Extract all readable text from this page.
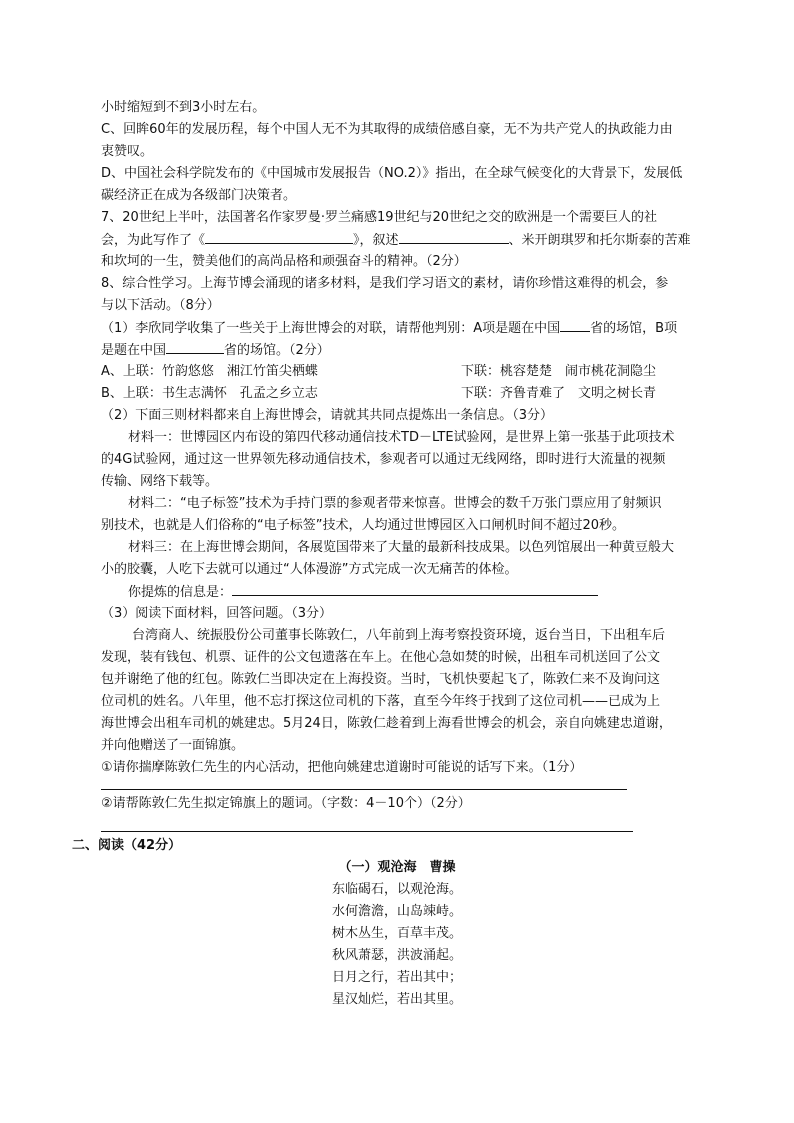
小时缩短到不到3小时左右。
C、回眸60年的发展历程，每个中国人无不为其取得的成绩倍感自豪，无不为共产党人的执政能力由
衷赞叹。
D、中国社会科学院发布的《中国城市发展报告（NO.2）》指出，在全球气候变化的大背景下，发展低
碳经济正在成为各级部门决策者。
7、20世纪上半叶，法国著名作家罗曼·罗兰痛感19世纪与20世纪之交的欧洲是一个需要巨人的社
会，为此写作了《	》，叙述	、米开朗琪罗和托尔斯泰的苦难
和坎坷的一生，赞美他们的高尚品格和顽强奋斗的精神。（2分）
8、综合性学习。上海节博会涌现的诸多材料，是我们学习语文的素材，请你珍惜这难得的机会，参
与以下活动。（8分）
（1）李欣同学收集了一些关于上海世博会的对联，请帮他判别：A项是题在中国 省的场馆，B项
是题在中国	省的场馆。（2分）
A、上联：竹韵悠悠　湘江竹笛尖栖蝶	下联：桃容楚楚　闹市桃花洞隐尘
B、上联：书生志满怀　孔孟之乡立志	下联：齐鲁青难了　文明之树长青
（2）下面三则材料都来自上海世博会，请就其共同点提炼出一条信息。（3分）
材料一：世博园区内布设的第四代移动通信技术TD－LTE试验网，是世界上第一张基于此项技术
的4G试验网，通过这一世界领先移动通信技术，参观者可以通过无线网络，即时进行大流量的视频
传输、网络下载等。
材料二：“电子标签”技术为手持门票的参观者带来惊喜。世博会的数千万张门票应用了射频识
别技术，也就是人们俗称的“电子标签”技术，人均通过世博园区入口闸机时间不超过20秒。
材料三：在上海世博会期间，各展览国带来了大量的最新科技成果。以色列馆展出一种黄豆般大
小的胶囊，人吃下去就可以通过“人体漫游”方式完成一次无痛苦的体检。
你提炼的信息是：
（3）阅读下面材料，回答问题。（3分）
台湾商人、统振股份公司董事长陈敦仁，八年前到上海考察投资环境，返台当日，下出租车后
发现，装有钱包、机票、证件的公文包遗落在车上。在他心急如焚的时候，出租车司机送回了公文
包并谢绝了他的红包。陈敦仁当即决定在上海投资。当时，飞机快要起飞了，陈敦仁来不及询问这
位司机的姓名。八年里，他不忘打探这位司机的下落，直至今年终于找到了这位司机——已成为上
海世博会出租车司机的姚建忠。5月24日，陈敦仁趁着到上海看世博会的机会，亲自向姚建忠道谢，
并向他赠送了一面锦旗。
①请你揣摩陈敦仁先生的内心活动，把他向姚建忠道谢时可能说的话写下来。（1分）
②请帮陈敦仁先生拟定锦旗上的题词。（字数：4－10个）（2分）
二、阅读（42分）
（一）观沧海　曹操
东临碣石，以观沧海。
水何澹澹，山岛竦峙。
树木丛生，百草丰茂。
秋风萧瑟，洪波涌起。
日月之行，若出其中；
星汉灿烂，若出其里。
